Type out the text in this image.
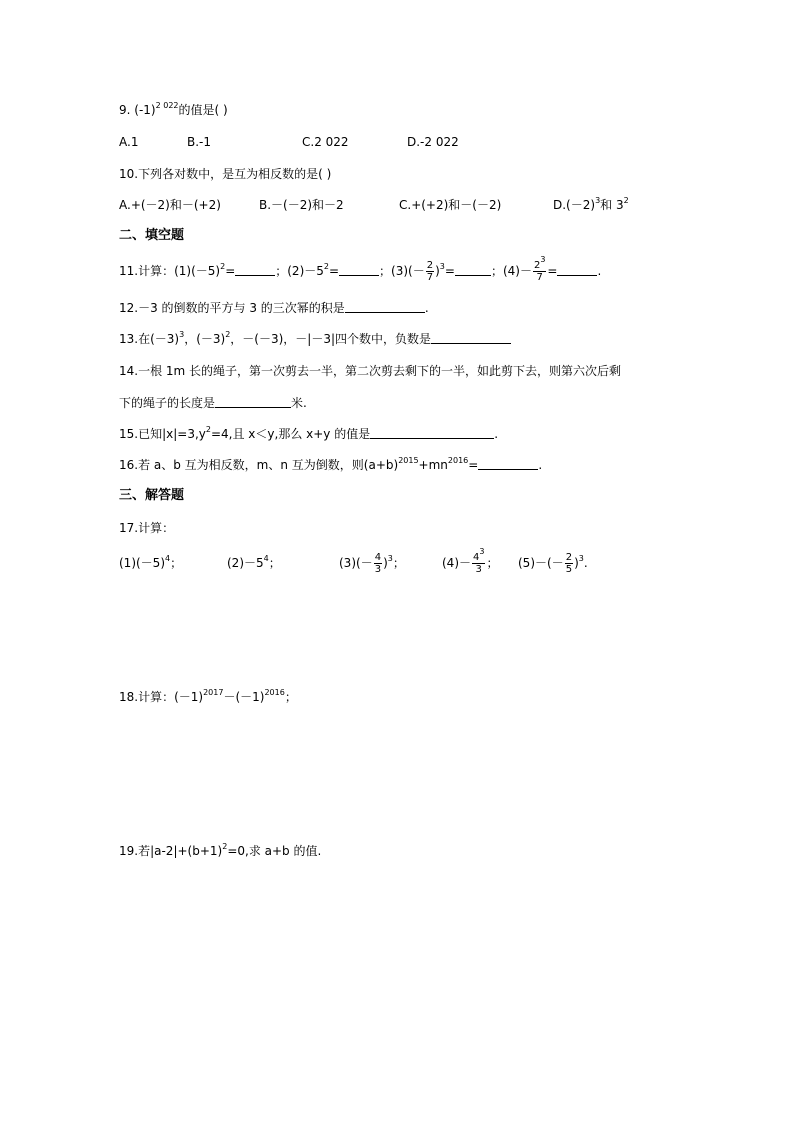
9. $(-1)^{2 022}$的值是( )
A.1	B.-1	C.2 022	D.-2 022
10.下列各对数中，是互为相反数的是( )
A.+(－2)和－(+2)	B.－(－2)和－2	C.+(+2)和－(－2)	$D.(-2)^3$和 $3^2$
二、填空题
11.计算：$(1)(-5)^2=$	；$(2)-5^2=$	；$(3)(- \frac{2}{7} )^3=$	；$(4)- \frac{2^3}{7}$ =	.
12.－3 的倒数的平方与 3 的三次幂的积是	.
13.在$(-3)^3$，$(-3)^2$，－(－3)，－|－3|四个数中，负数是
14.一根 1m 长的绳子，第一次剪去一半，第二次剪去剩下的一半，如此剪下去，则第六次后剩
下的绳子的长度是	米.
15.已知$|x|=3,y^2=4$,且 x＜y,那么 x+y 的值是	.
16.若 a、b 互为相反数，m、n 互为倒数，则$(a+b)^{2015}+mn^{2016}=$	.
三、解答题
17.计算：
$(1)(-5)^4$；	$(2)-5^4$；	$(3)(- \frac{4}{3} )^3$；	$(4)- \frac{4^3}{3}$ ； $(5)-(- \frac{2}{5} )^3$.
18.计算：$(-1)^{2017}-(-1)^{2016}$；
19.若$|a-2|+(b+1)^2=0$,求 a+b 的值.
